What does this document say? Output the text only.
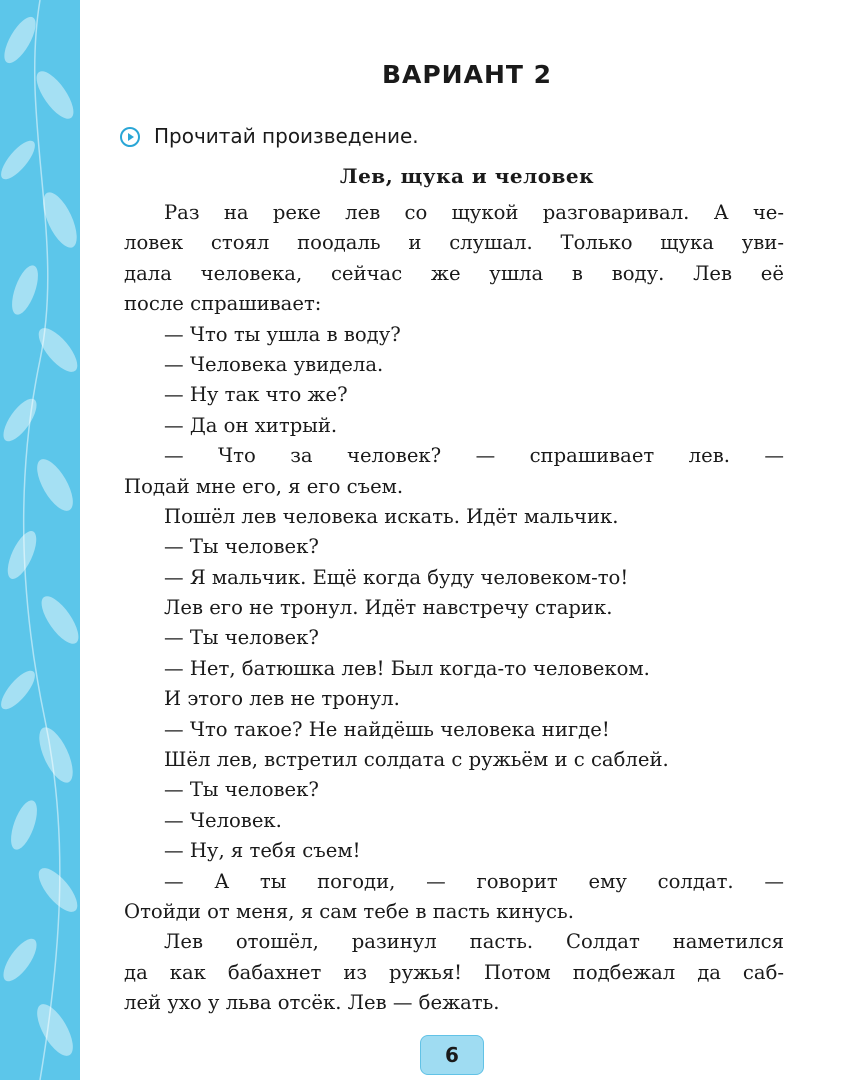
ВАРИАНТ 2
Прочитай произведение.
Лев, щука и человек
Раз на реке лев со щукой разговаривал. А че-
ловек стоял поодаль и слушал. Только щука уви-
дала человека, сейчас же ушла в воду. Лев её
после спрашивает:
— Что ты ушла в воду?
— Человека увидела.
— Ну так что же?
— Да он хитрый.
— Что за человек? — спрашивает лев. —
Подай мне его, я его съем.
Пошёл лев человека искать. Идёт мальчик.
— Ты человек?
— Я мальчик. Ещё когда буду человеком-то!
Лев его не тронул. Идёт навстречу старик.
— Ты человек?
— Нет, батюшка лев! Был когда-то человеком.
И этого лев не тронул.
— Что такое? Не найдёшь человека нигде!
Шёл лев, встретил солдата с ружьём и с саблей.
— Ты человек?
— Человек.
— Ну, я тебя съем!
— А ты погоди, — говорит ему солдат. —
Отойди от меня, я сам тебе в пасть кинусь.
Лев отошёл, разинул пасть. Солдат наметился
да как бабахнет из ружья! Потом подбежал да саб-
лей ухо у льва отсёк. Лев — бежать.
6
